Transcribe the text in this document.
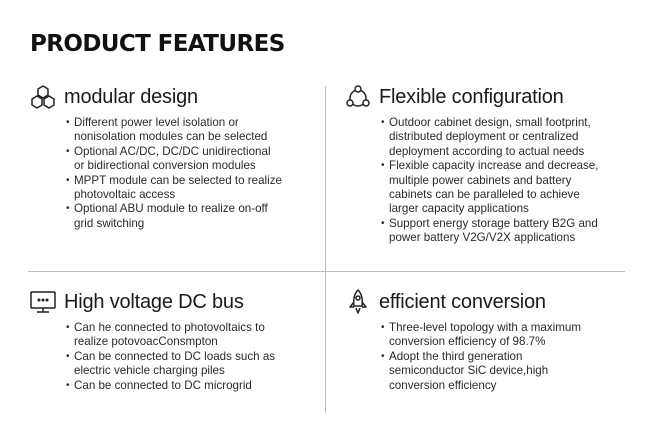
PRODUCT FEATURES
modular design
• Different power level isolation or
nonisolation modules can be selected
• Optional AC/DC, DC/DC unidirectional
or bidirectional conversion modules
• MPPT module can be selected to realize
photovoltaic access
• Optional ABU module to realize on-off
grid switching
Flexible configuration
• Outdoor cabinet design, small footprint,
distributed deployment or centralized
deployment according to actual needs
• Flexible capacity increase and decrease,
multiple power cabinets and battery
cabinets can be paralleled to achieve
larger capacity applications
• Support energy storage battery B2G and
power battery V2G/V2X applications
High voltage DC bus
• Can he connected to photovoltaics to
realize potovoacConsmpton
• Can be connected to DC loads such as
electric vehicle charging piles
• Can be connected to DC microgrid
efficient conversion
• Three-level topology with a maximum
conversion efficiency of 98.7%
• Adopt the third generation
semiconductor SiC device,high
conversion efficiency
